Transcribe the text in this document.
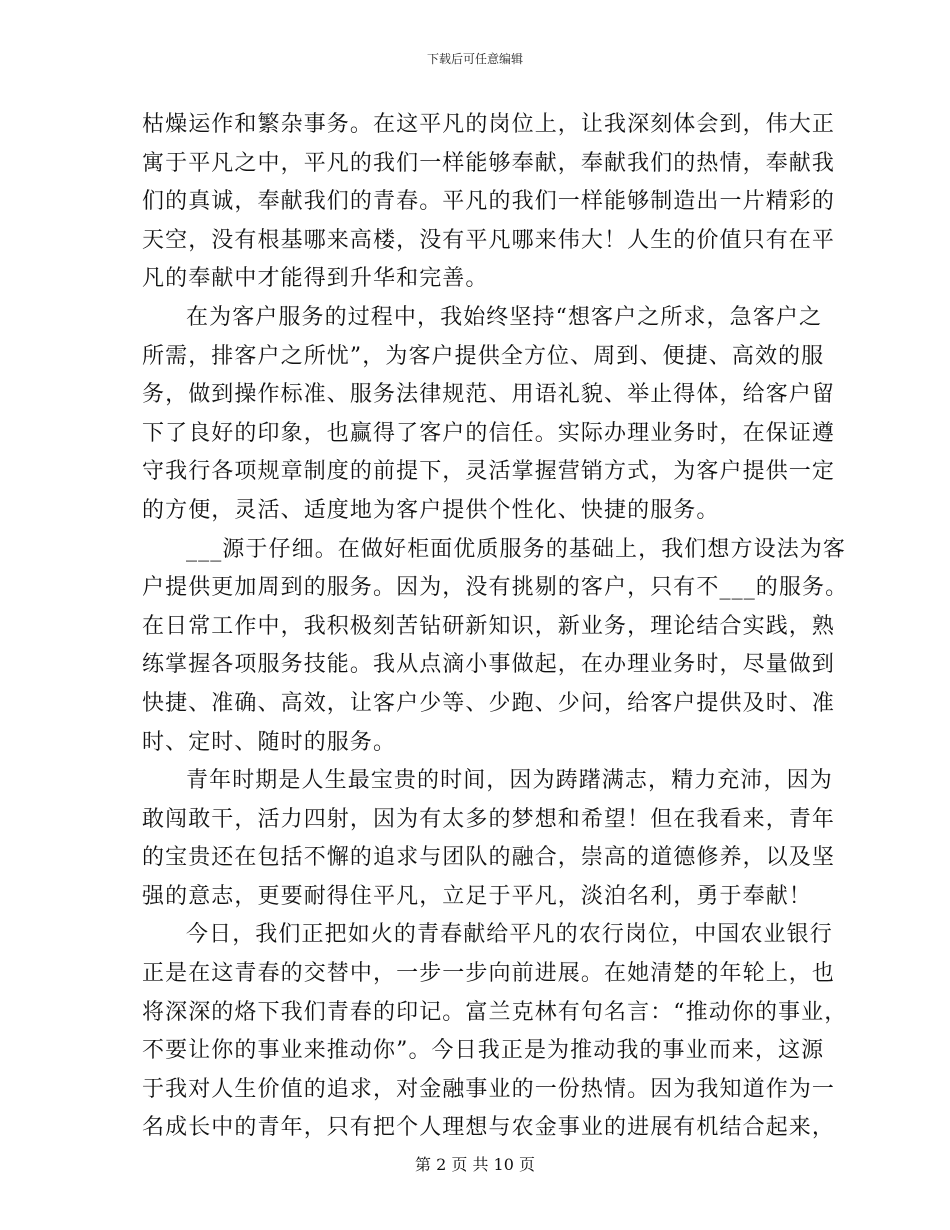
下载后可任意编辑
枯燥运作和繁杂事务。在这平凡的岗位上，让我深刻体会到，伟大正
寓于平凡之中，平凡的我们一样能够奉献，奉献我们的热情，奉献我
们的真诚，奉献我们的青春。平凡的我们一样能够制造出一片精彩的
天空，没有根基哪来高楼，没有平凡哪来伟大！人生的价值只有在平
凡的奉献中才能得到升华和完善。
在为客户服务的过程中，我始终坚持“想客户之所求，急客户之
所需，排客户之所忧”，为客户提供全方位、周到、便捷、高效的服
务，做到操作标准、服务法律规范、用语礼貌、举止得体，给客户留
下了良好的印象，也赢得了客户的信任。实际办理业务时，在保证遵
守我行各项规章制度的前提下，灵活掌握营销方式，为客户提供一定
的方便，灵活、适度地为客户提供个性化、快捷的服务。
___源于仔细。在做好柜面优质服务的基础上，我们想方设法为客
户提供更加周到的服务。因为，没有挑剔的客户，只有不___的服务。
在日常工作中，我积极刻苦钻研新知识，新业务，理论结合实践，熟
练掌握各项服务技能。我从点滴小事做起，在办理业务时，尽量做到
快捷、准确、高效，让客户少等、少跑、少问，给客户提供及时、准
时、定时、随时的服务。
青年时期是人生最宝贵的时间，因为踌躇满志，精力充沛，因为
敢闯敢干，活力四射，因为有太多的梦想和希望！但在我看来，青年
的宝贵还在包括不懈的追求与团队的融合，崇高的道德修养，以及坚
强的意志，更要耐得住平凡，立足于平凡，淡泊名利，勇于奉献！
今日，我们正把如火的青春献给平凡的农行岗位，中国农业银行
正是在这青春的交替中，一步一步向前进展。在她清楚的年轮上，也
将深深的烙下我们青春的印记。富兰克林有句名言：“推动你的事业，
不要让你的事业来推动你”。今日我正是为推动我的事业而来，这源
于我对人生价值的追求，对金融事业的一份热情。因为我知道作为一
名成长中的青年，只有把个人理想与农金事业的进展有机结合起来，
第 2 页 共 10 页
